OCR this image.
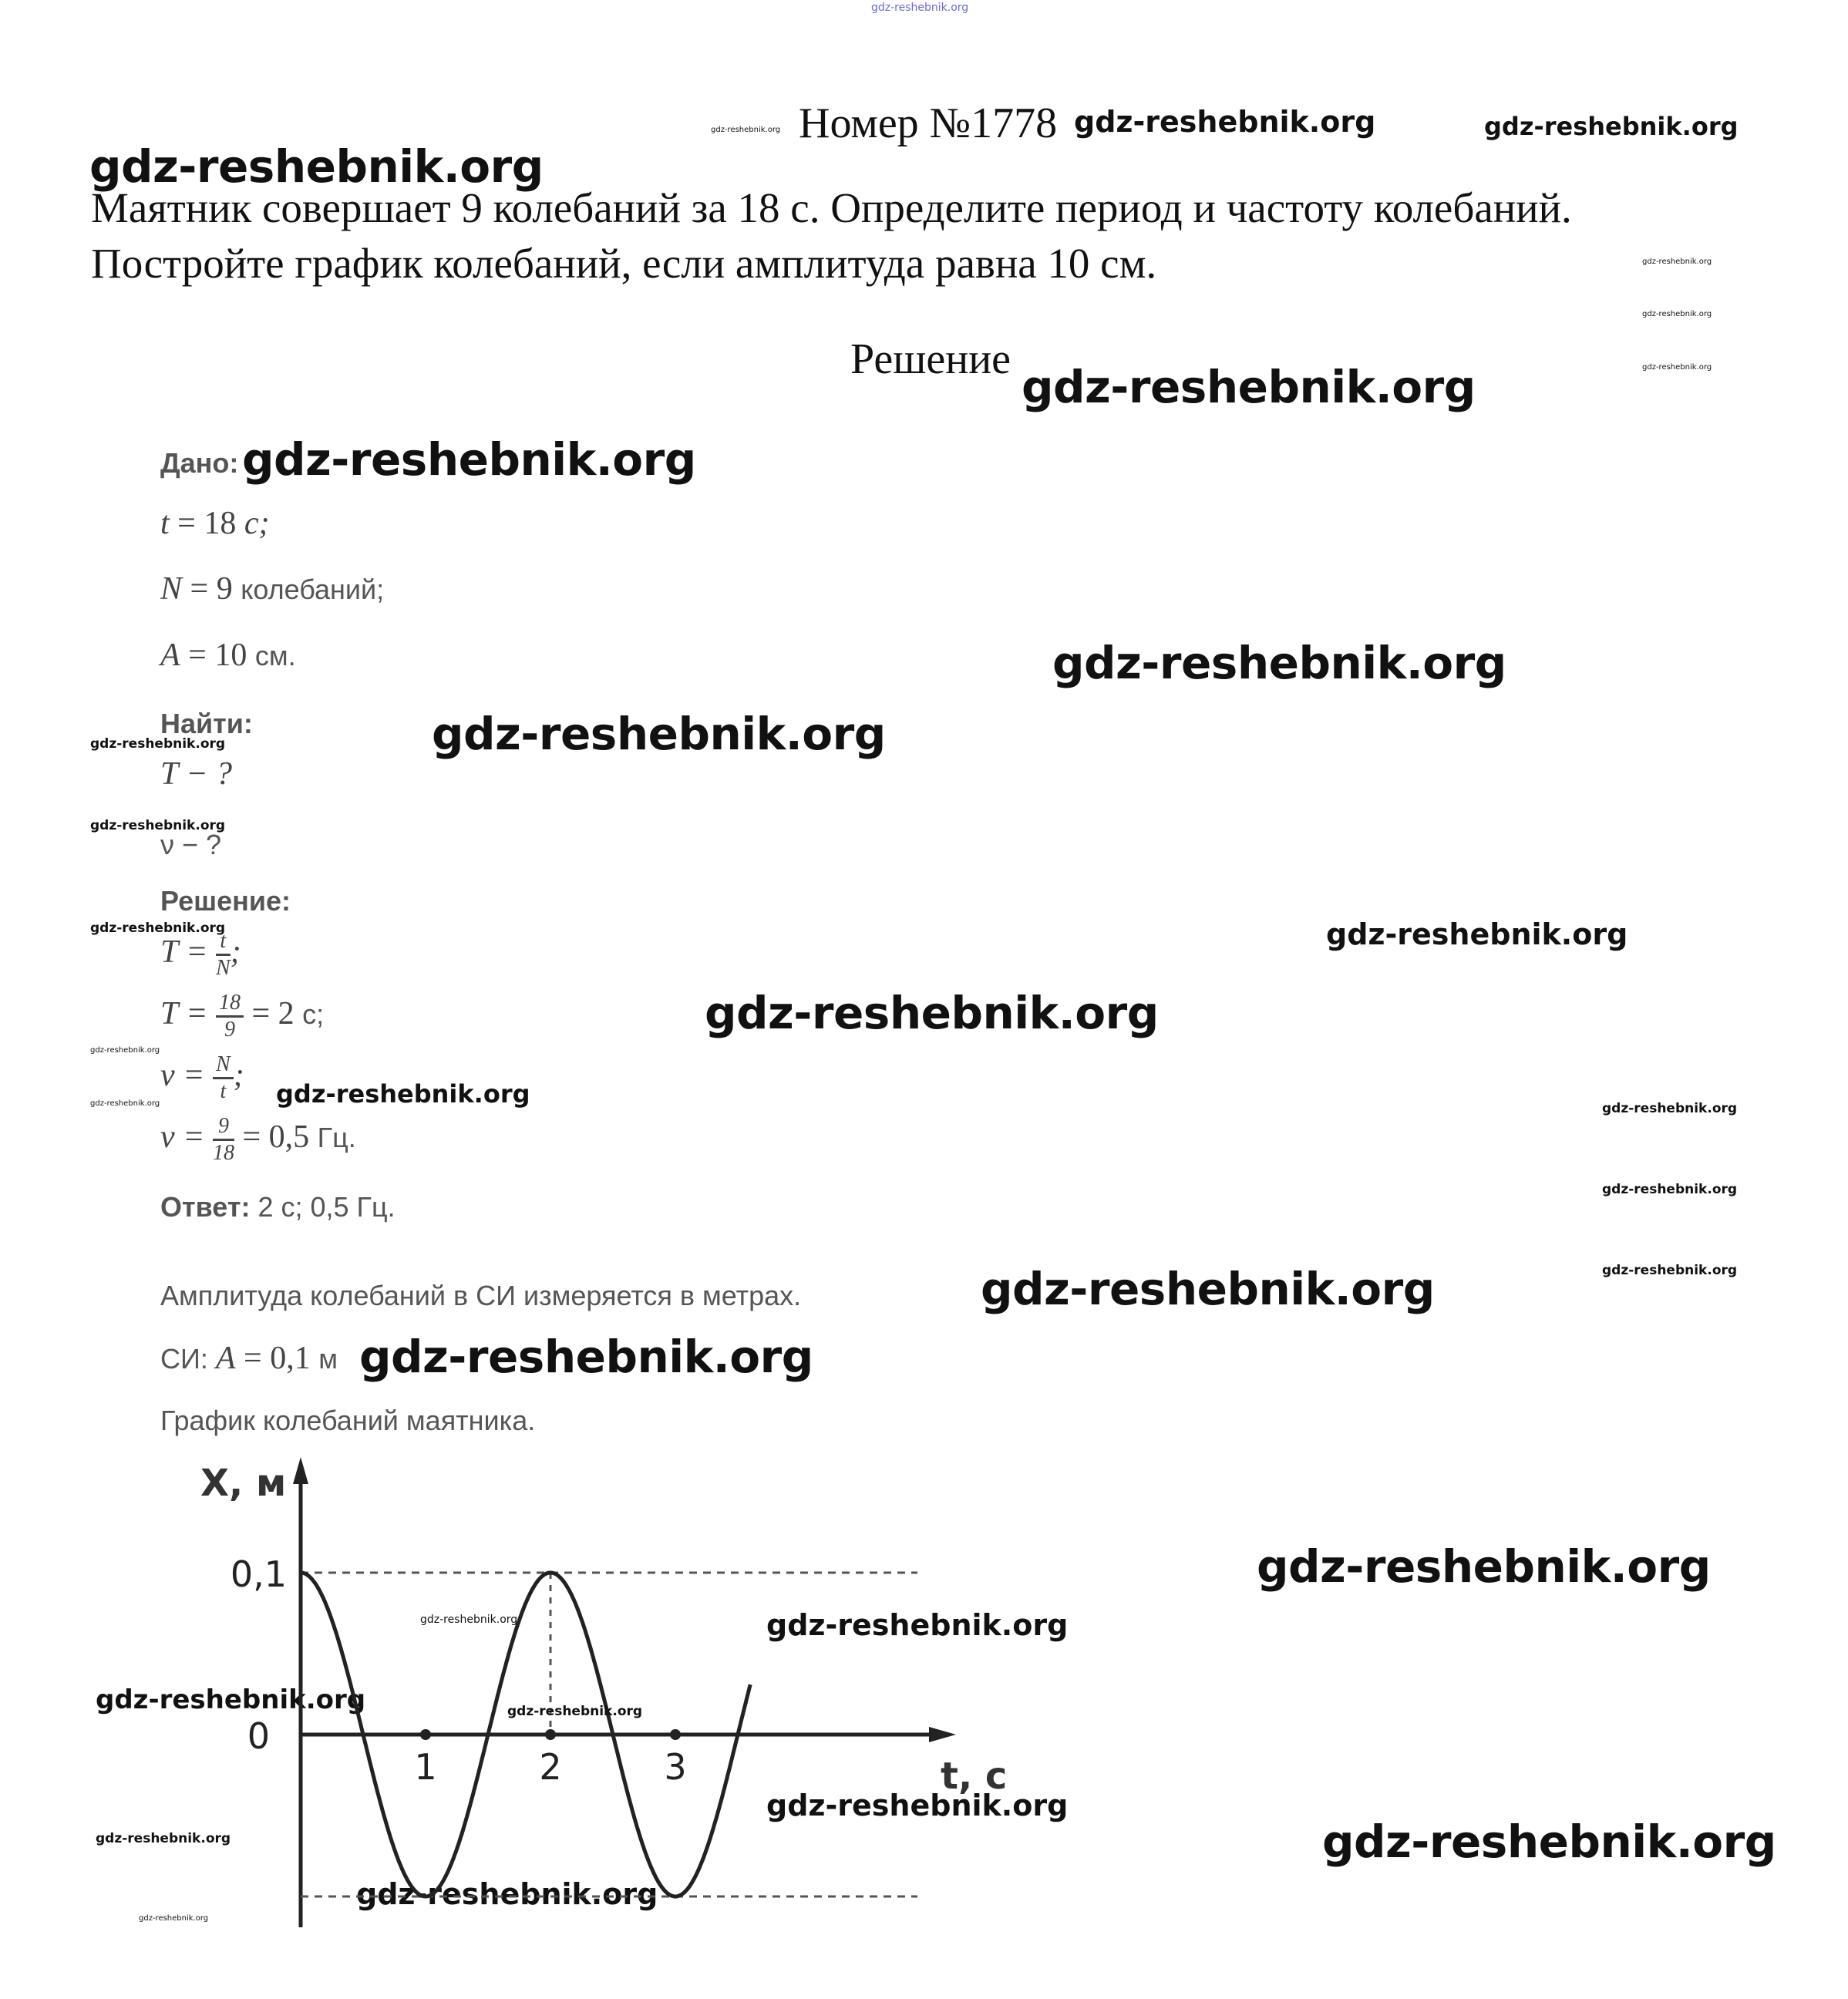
gdz-reshebnik.org
gdz-reshebnik.org	gdz-reshebnik.org	gdz-reshebnik.org
gdz-reshebnik.org
gdz-reshebnik.org
gdz-reshebnik.org
gdz-reshebnik.org
gdz-reshebnik.org
gdz-reshebnik.org
gdz-reshebnik.org
gdz-reshebnik.org
gdz-reshebnik.org
gdz-reshebnik.org
gdz-reshebnik.org
gdz-reshebnik.org
gdz-reshebnik.org
gdz-reshebnik.org
gdz-reshebnik.org
gdz-reshebnik.org	gdz-reshebnik.org
gdz-reshebnik.org
gdz-reshebnik.org
gdz-reshebnik.org
gdz-reshebnik.org
gdz-reshebnik.org
gdz-reshebnik.org
gdz-reshebnik.org
gdz-reshebnik.org
gdz-reshebnik.org
gdz-reshebnik.org
gdz-reshebnik.org
gdz-reshebnik.org
Номер №1778
Маятник совершает 9 колебаний за 18 с. Определите период и частоту колебаний. Постройте график колебаний, если амплитуда равна 10 см.
Решение
Дано:
t = 18 с;
N = 9 колебаний;
A = 10 см.
Найти:
T − ?
ν − ?
Решение:
$T = \frac{t}{N}$ ;
$T = \frac{18}{9} = 2$ с;
$\nu = \frac{N}{t}$ ;
$\nu = \frac{9}{18} = 0,5$ Гц.
Ответ: 2 с; 0,5 Гц.
Амплитуда колебаний в СИ измеряется в метрах.
СИ: A = 0,1 м
График колебаний маятника.
1	2	3
0,1
0
X, м
t, с
gdz-reshebnik.org
gdz-reshebnik.org
